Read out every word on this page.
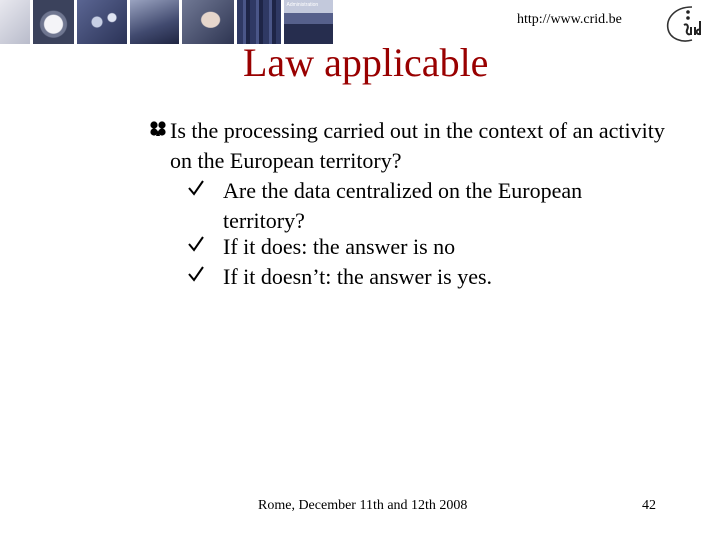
Administration
http://www.crid.be
Law applicable
Is the processing carried out in the context of an activity on the European territory?
Are the data centralized on the European territory?
If it does: the answer is no
If it doesn’t: the answer is yes.
Rome, December 11th and 12th 2008	42
